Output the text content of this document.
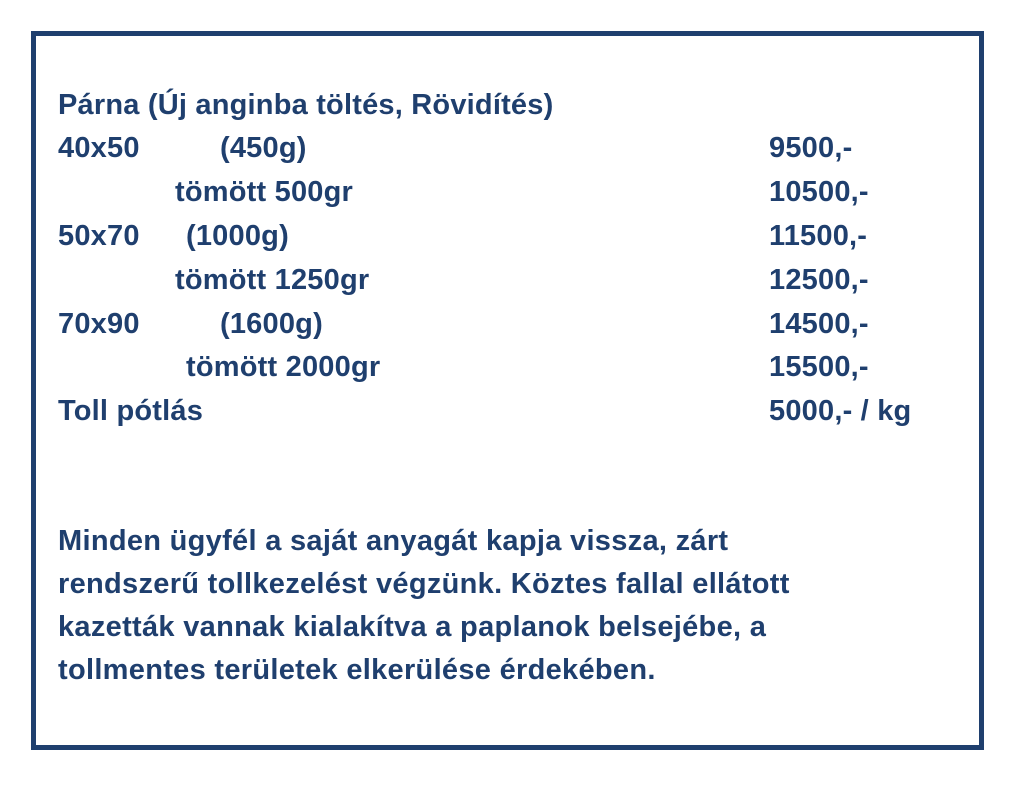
Párna (Új anginba töltés, Rövidítés)
40x50	(450g)	9500,-
tömött 500gr	10500,-
50x70 (1000g)	11500,-
tömött 1250gr	12500,-
70x90	(1600g)	14500,-
tömött 2000gr	15500,-
Toll pótlás	5000,- / kg
Minden ügyfél a saját anyagát kapja vissza, zárt
rendszerű tollkezelést végzünk. Köztes fallal ellátott
kazetták vannak kialakítva a paplanok belsejébe, a
tollmentes területek elkerülése érdekében.
